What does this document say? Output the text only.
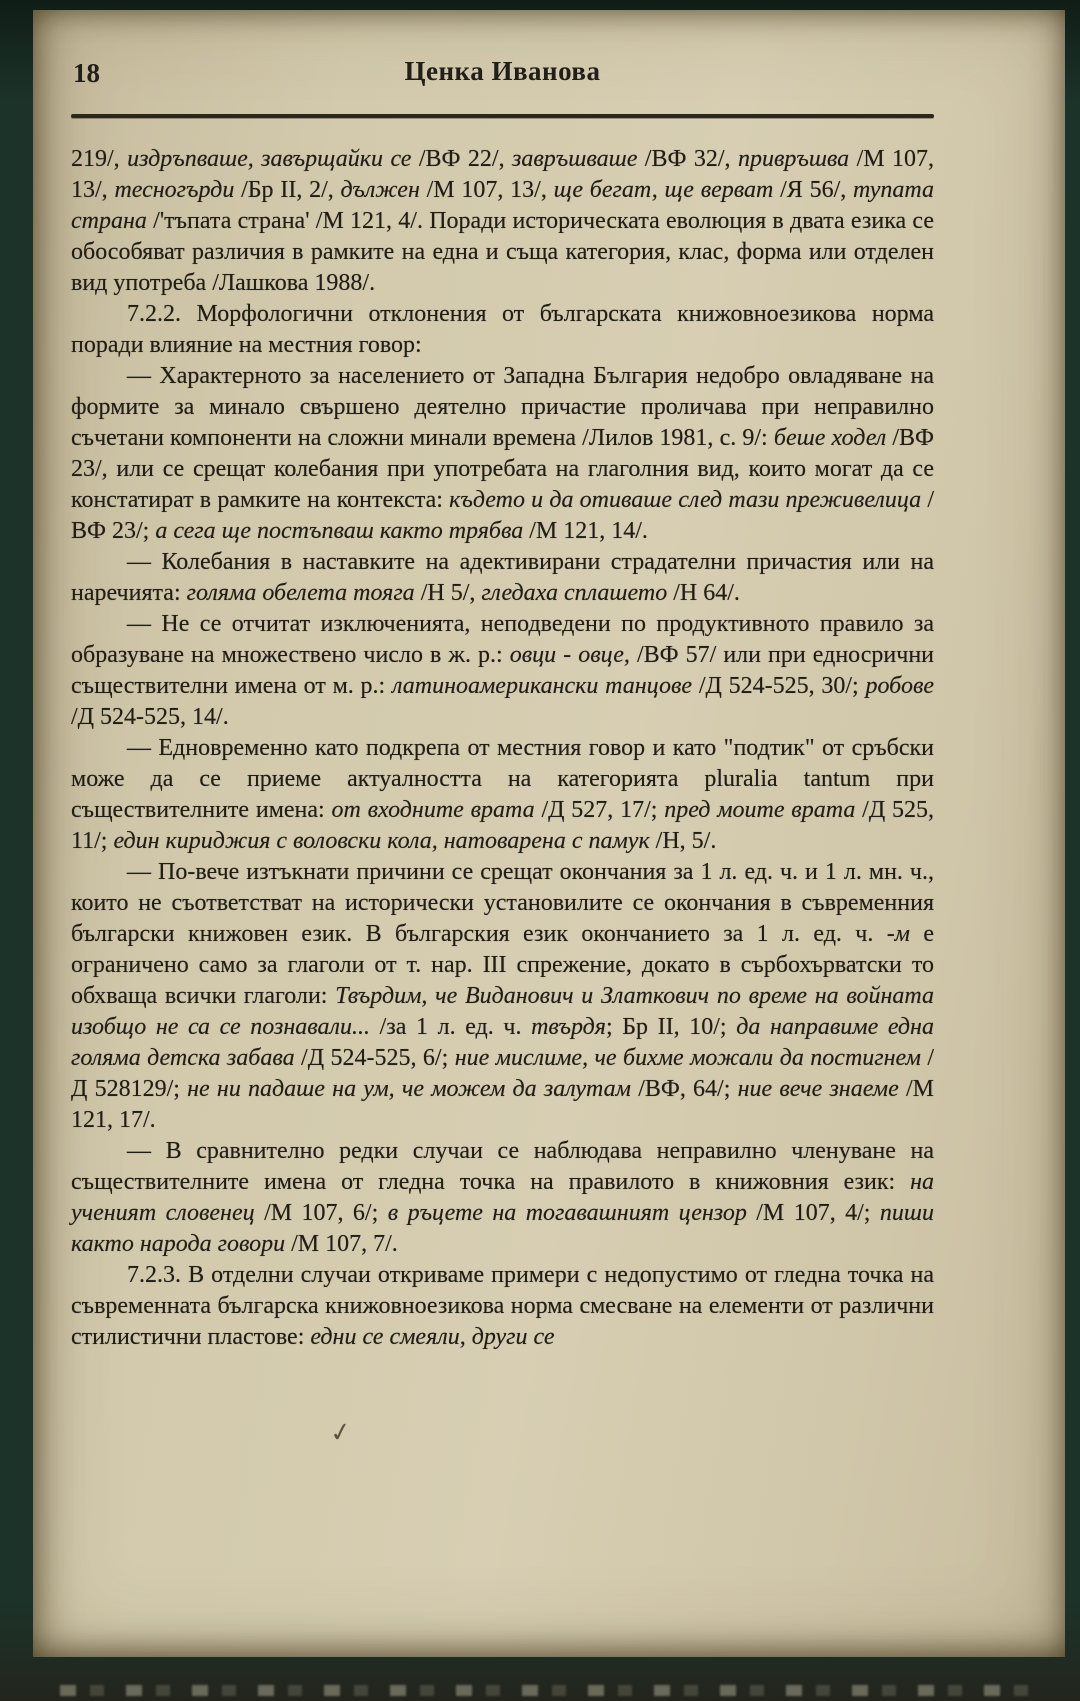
18	Ценка Иванова

219/, издръпваше, завърщайки се /ВФ 22/, завръшваше /ВФ 32/, привръшва /М 107, 13/, тесногърди /Бр II, 2/, дължен /М 107, 13/, ще бегат, ще верват /Я 56/, тупата страна /'тъпата страна' /М 121, 4/. Поради историческата еволюция в двата езика се обособяват различия в рамките на една и съща категория, клас, форма или отделен вид употреба /Лашкова 1988/.

7.2.2. Морфологични отклонения от българската книжовноезикова норма поради влияние на местния говор:

— Характерното за населението от Западна България недобро овладяване на формите за минало свършено деятелно причастие проличава при неправилно съчетани компоненти на сложни минали времена /Лилов 1981, с. 9/: беше ходел /ВФ 23/, или се срещат колебания при употребата на глаголния вид, които могат да се констатират в рамките на контекста: където и да отиваше след тази преживелица /ВФ 23/; а сега ще постъпваш както трябва /М 121, 14/.

— Колебания в наставките на адективирани страдателни причастия или на наречията: голяма обелета тояга /Н 5/, гледаха сплашето /Н 64/.

— Не се отчитат изключенията, неподведени по продуктивното правило за образуване на множествено число в ж. р.: овци - овце, /ВФ 57/ или при едносрични съществителни имена от м. р.: латиноамерикански танцове /Д 524-525, 30/; робове /Д 524-525, 14/.

— Едновременно като подкрепа от местния говор и като "подтик" от сръбски може да се приеме актуалността на категорията pluralia tantum при съществителните имена: от входните врата /Д 527, 17/; пред моите врата /Д 525, 11/; един кириджия с воловски кола, натоварена с памук /Н, 5/.

— По-вече изтъкнати причини се срещат окончания за 1 л. ед. ч. и 1 л. мн. ч., които не съответстват на исторически установилите се окончания в съвременния български книжовен език. В българския език окончанието за 1 л. ед. ч. -м е ограничено само за глаголи от т. нар. III спрежение, докато в сърбохърватски то обхваща всички глаголи: Твърдим, че Виданович и Златкович по време на войната изобщо не са се познавали... /за 1 л. ед. ч. твърдя; Бр II, 10/; да направиме една голяма детска забава /Д 524-525, 6/; ние мислиме, че бихме можали да постигнем /Д 528129/; не ни падаше на ум, че можем да залутам /ВФ, 64/; ние вече знаеме /М 121, 17/.

— В сравнително редки случаи се наблюдава неправилно членуване на съществителните имена от гледна точка на правилото в книжовния език: на ученият словенец /М 107, 6/; в ръцете на тогавашният цензор /М 107, 4/; пиши както народа говори /М 107, 7/.

7.2.3. В отделни случаи откриваме примери с недопустимо от гледна точка на съвременната българска книжовноезикова норма смесване на елементи от различни стилистични пластове: едни се смеяли, други се

✓
